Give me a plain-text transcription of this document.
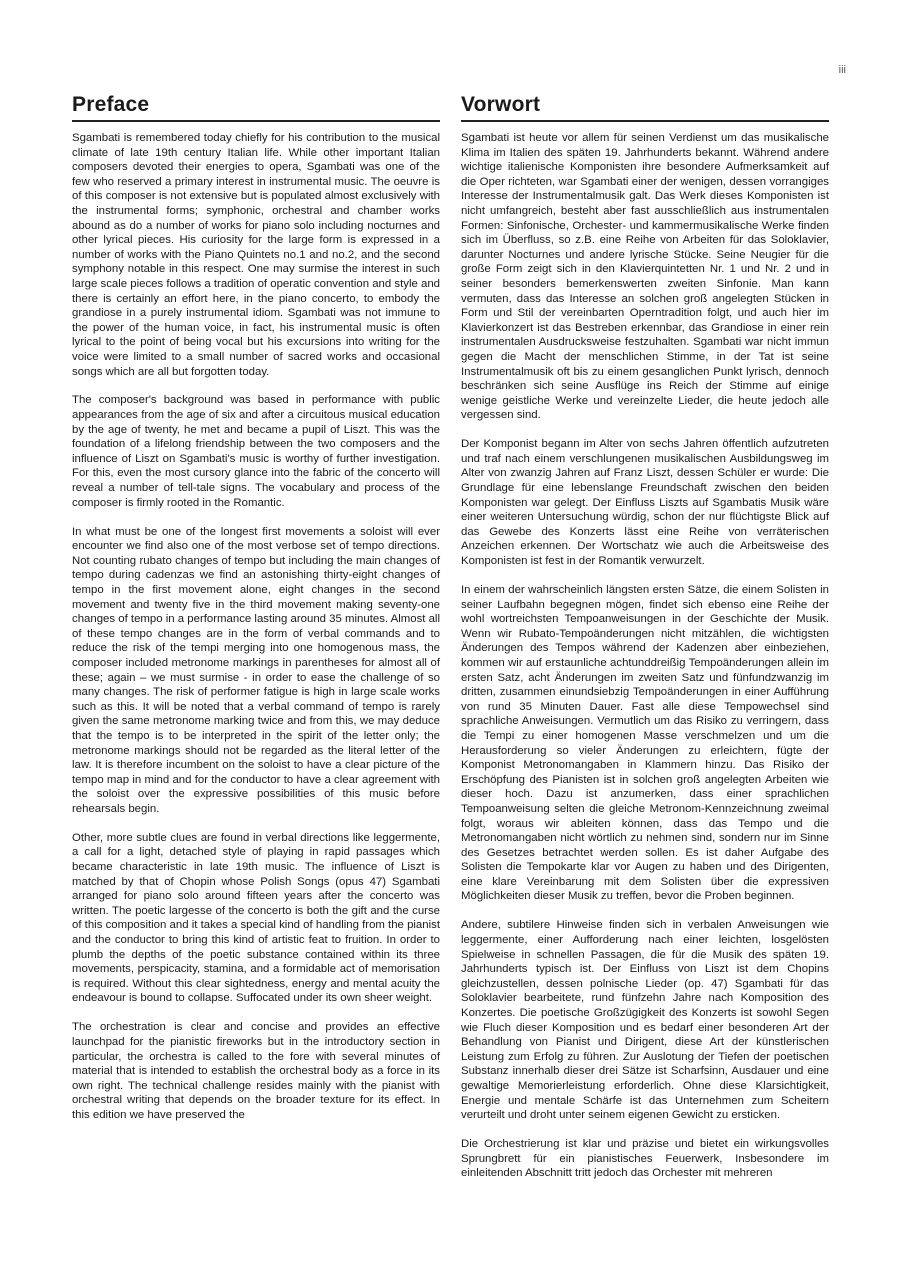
iii
Preface

Sgambati is remembered today chiefly for his contribution to the musical climate of late 19th century Italian life. While other important Italian composers devoted their energies to opera, Sgambati was one of the few who reserved a primary interest in instrumental music. The oeuvre is of this composer is not extensive but is populated almost exclusively with the instrumental forms; symphonic, orchestral and chamber works abound as do a number of works for piano solo including nocturnes and other lyrical pieces. His curiosity for the large form is expressed in a number of works with the Piano Quintets no.1 and no.2, and the second symphony notable in this respect. One may surmise the interest in such large scale pieces follows a tradition of operatic convention and style and there is certainly an effort here, in the piano concerto, to embody the grandiose in a purely instrumental idiom. Sgambati was not immune to the power of the human voice, in fact, his instrumental music is often lyrical to the point of being vocal but his excursions into writing for the voice were limited to a small number of sacred works and occasional songs which are all but forgotten today.

The composer's background was based in performance with public appearances from the age of six and after a circuitous musical education by the age of twenty, he met and became a pupil of Liszt. This was the foundation of a lifelong friendship between the two composers and the influence of Liszt on Sgambati's music is worthy of further investigation. For this, even the most cursory glance into the fabric of the concerto will reveal a number of tell-tale signs. The vocabulary and process of the composer is firmly rooted in the Romantic.

In what must be one of the longest first movements a soloist will ever encounter we find also one of the most verbose set of tempo directions. Not counting rubato changes of tempo but including the main changes of tempo during cadenzas we find an astonishing thirty-eight changes of tempo in the first movement alone, eight changes in the second movement and twenty five in the third movement making seventy-one changes of tempo in a performance lasting around 35 minutes. Almost all of these tempo changes are in the form of verbal commands and to reduce the risk of the tempi merging into one homogenous mass, the composer included metronome markings in parentheses for almost all of these; again – we must surmise - in order to ease the challenge of so many changes. The risk of performer fatigue is high in large scale works such as this. It will be noted that a verbal command of tempo is rarely given the same metronome marking twice and from this, we may deduce that the tempo is to be interpreted in the spirit of the letter only; the metronome markings should not be regarded as the literal letter of the law. It is therefore incumbent on the soloist to have a clear picture of the tempo map in mind and for the conductor to have a clear agreement with the soloist over the expressive possibilities of this music before rehearsals begin.

Other, more subtle clues are found in verbal directions like leggermente, a call for a light, detached style of playing in rapid passages which became characteristic in late 19th music. The influence of Liszt is matched by that of Chopin whose Polish Songs (opus 47) Sgambati arranged for piano solo around fifteen years after the concerto was written. The poetic largesse of the concerto is both the gift and the curse of this composition and it takes a special kind of handling from the pianist and the conductor to bring this kind of artistic feat to fruition. In order to plumb the depths of the poetic substance contained within its three movements, perspicacity, stamina, and a formidable act of memorisation is required. Without this clear sightedness, energy and mental acuity the endeavour is bound to collapse. Suffocated under its own sheer weight.

The orchestration is clear and concise and provides an effective launchpad for the pianistic fireworks but in the introductory section in particular, the orchestra is called to the fore with several minutes of material that is intended to establish the orchestral body as a force in its own right. The technical challenge resides mainly with the pianist with orchestral writing that depends on the broader texture for its effect. In this edition we have preserved the

Vorwort

Sgambati ist heute vor allem für seinen Verdienst um das musikalische Klima im Italien des späten 19. Jahrhunderts bekannt. Während andere wichtige italienische Komponisten ihre besondere Aufmerksamkeit auf die Oper richteten, war Sgambati einer der wenigen, dessen vorrangiges Interesse der Instrumentalmusik galt. Das Werk dieses Komponisten ist nicht umfangreich, besteht aber fast ausschließlich aus instrumentalen Formen: Sinfonische, Orchester- und kammermusikalische Werke finden sich im Überfluss, so z.B. eine Reihe von Arbeiten für das Soloklavier, darunter Nocturnes und andere lyrische Stücke. Seine Neugier für die große Form zeigt sich in den Klavierquintetten Nr. 1 und Nr. 2 und in seiner besonders bemerkenswerten zweiten Sinfonie. Man kann vermuten, dass das Interesse an solchen groß angelegten Stücken in Form und Stil der vereinbarten Operntradition folgt, und auch hier im Klavierkonzert ist das Bestreben erkennbar, das Grandiose in einer rein instrumentalen Ausdrucksweise festzuhalten. Sgambati war nicht immun gegen die Macht der menschlichen Stimme, in der Tat ist seine Instrumentalmusik oft bis zu einem gesanglichen Punkt lyrisch, dennoch beschränken sich seine Ausflüge ins Reich der Stimme auf einige wenige geistliche Werke und vereinzelte Lieder, die heute jedoch alle vergessen sind.

Der Komponist begann im Alter von sechs Jahren öffentlich aufzutreten und traf nach einem verschlungenen musikalischen Ausbildungsweg im Alter von zwanzig Jahren auf Franz Liszt, dessen Schüler er wurde: Die Grundlage für eine lebenslange Freundschaft zwischen den beiden Komponisten war gelegt. Der Einfluss Liszts auf Sgambatis Musik wäre einer weiteren Untersuchung würdig, schon der nur flüchtigste Blick auf das Gewebe des Konzerts lässt eine Reihe von verräterischen Anzeichen erkennen. Der Wortschatz wie auch die Arbeitsweise des Komponisten ist fest in der Romantik verwurzelt.

In einem der wahrscheinlich längsten ersten Sätze, die einem Solisten in seiner Laufbahn begegnen mögen, findet sich ebenso eine Reihe der wohl wortreichsten Tempoanweisungen in der Geschichte der Musik. Wenn wir Rubato-Tempoänderungen nicht mitzählen, die wichtigsten Änderungen des Tempos während der Kadenzen aber einbeziehen, kommen wir auf erstaunliche achtunddreißig Tempoänderungen allein im ersten Satz, acht Änderungen im zweiten Satz und fünfundzwanzig im dritten, zusammen einundsiebzig Tempoänderungen in einer Aufführung von rund 35 Minuten Dauer. Fast alle diese Tempowechsel sind sprachliche Anweisungen. Vermutlich um das Risiko zu verringern, dass die Tempi zu einer homogenen Masse verschmelzen und um die Herausforderung so vieler Änderungen zu erleichtern, fügte der Komponist Metronomangaben in Klammern hinzu. Das Risiko der Erschöpfung des Pianisten ist in solchen groß angelegten Arbeiten wie dieser hoch. Dazu ist anzumerken, dass einer sprachlichen Tempoanweisung selten die gleiche Metronom-Kennzeichnung zweimal folgt, woraus wir ableiten können, dass das Tempo und die Metronomangaben nicht wörtlich zu nehmen sind, sondern nur im Sinne des Gesetzes betrachtet werden sollen. Es ist daher Aufgabe des Solisten die Tempokarte klar vor Augen zu haben und des Dirigenten, eine klare Vereinbarung mit dem Solisten über die expressiven Möglichkeiten dieser Musik zu treffen, bevor die Proben beginnen.

Andere, subtilere Hinweise finden sich in verbalen Anweisungen wie leggermente, einer Aufforderung nach einer leichten, losgelösten Spielweise in schnellen Passagen, die für die Musik des späten 19. Jahrhunderts typisch ist. Der Einfluss von Liszt ist dem Chopins gleichzustellen, dessen polnische Lieder (op. 47) Sgambati für das Soloklavier bearbeitete, rund fünfzehn Jahre nach Komposition des Konzertes. Die poetische Großzügigkeit des Konzerts ist sowohl Segen wie Fluch dieser Komposition und es bedarf einer besonderen Art der Behandlung von Pianist und Dirigent, diese Art der künstlerischen Leistung zum Erfolg zu führen. Zur Auslotung der Tiefen der poetischen Substanz innerhalb dieser drei Sätze ist Scharfsinn, Ausdauer und eine gewaltige Memorierleistung erforderlich. Ohne diese Klarsichtigkeit, Energie und mentale Schärfe ist das Unternehmen zum Scheitern verurteilt und droht unter seinem eigenen Gewicht zu ersticken.

Die Orchestrierung ist klar und präzise und bietet ein wirkungsvolles Sprungbrett für ein pianistisches Feuerwerk, Insbesondere im einleitenden Abschnitt tritt jedoch das Orchester mit mehreren
